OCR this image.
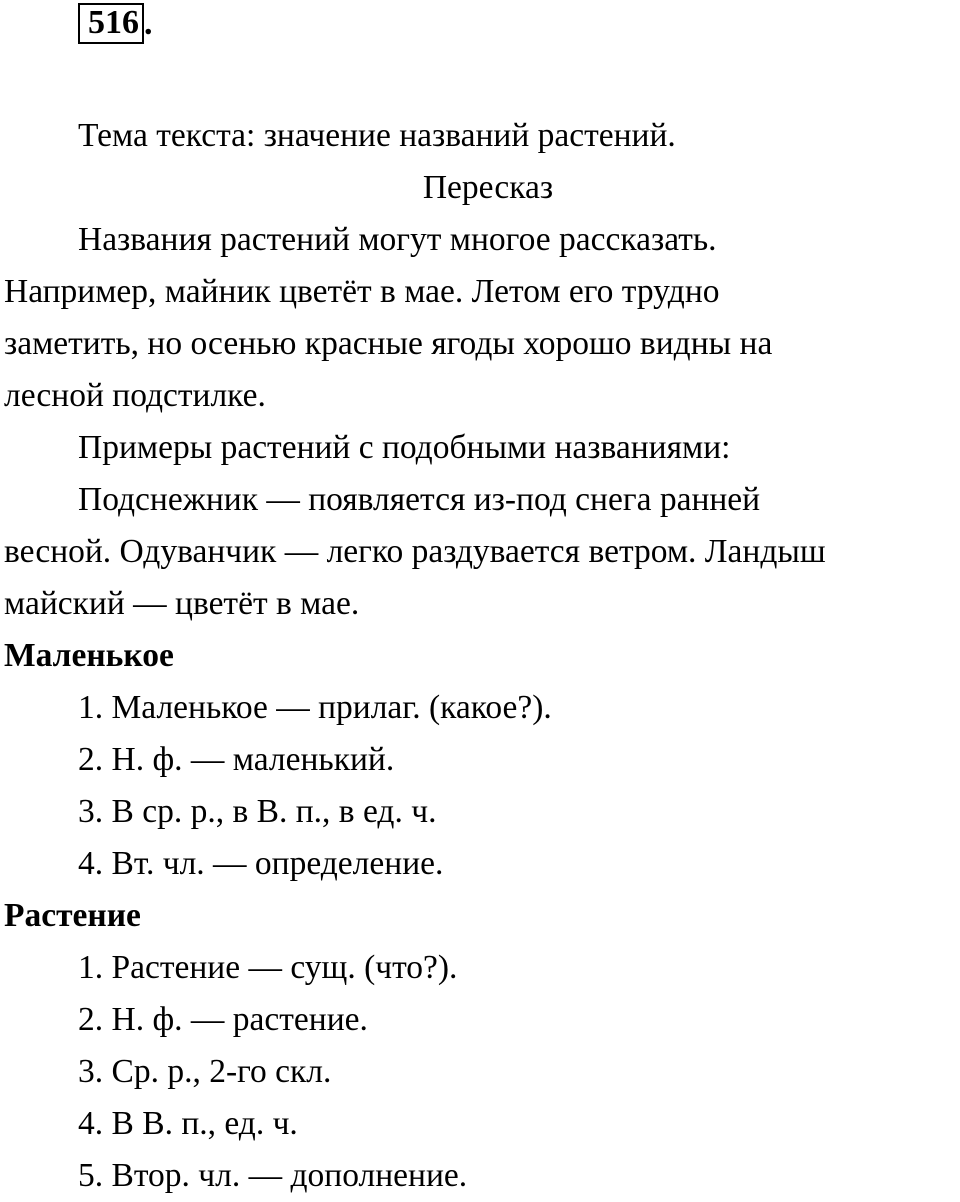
516 .
Тема текста: значение названий растений.
Пересказ
Названия растений могут многое рассказать.
Например, майник цветёт в мае. Летом его трудно
заметить, но осенью красные ягоды хорошо видны на
лесной подстилке.
Примеры растений с подобными названиями:
Подснежник — появляется из-под снега ранней
весной. Одуванчик — легко раздувается ветром. Ландыш
майский — цветёт в мае.
Маленькое
1. Маленькое — прилаг. (какое?).
2. Н. ф. — маленький.
3. В ср. р., в В. п., в ед. ч.
4. Вт. чл. — определение.
Растение
1. Растение — сущ. (что?).
2. Н. ф. — растение.
3. Ср. р., 2-го скл.
4. В В. п., ед. ч.
5. Втор. чл. — дополнение.
